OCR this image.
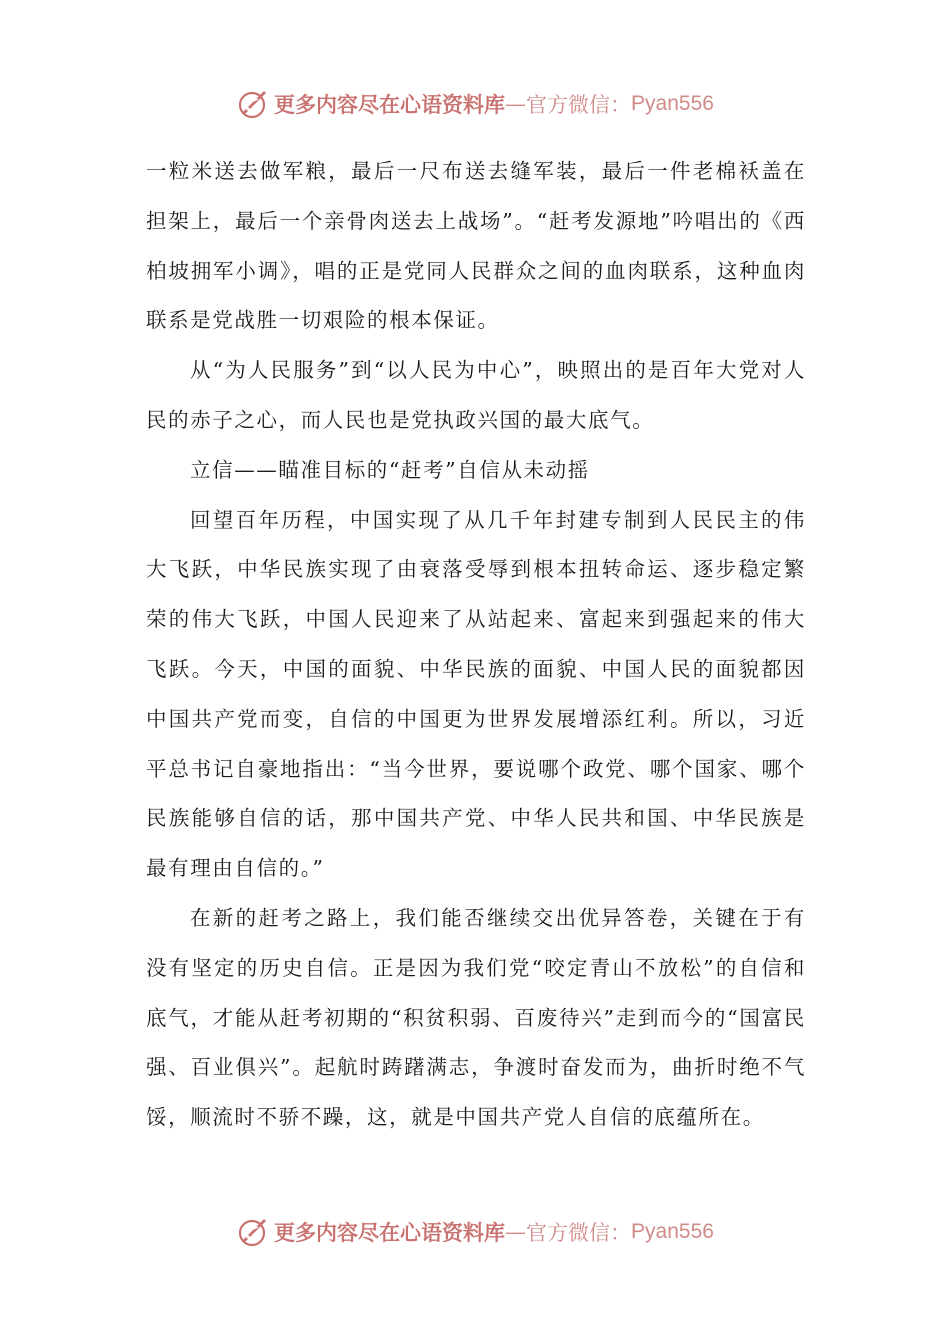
更多内容尽在心语资料库 — 官方微信： Pyan556

一粒米送去做军粮，最后一尺布送去缝军装，最后一件老棉袄盖在担架上，最后一个亲骨肉送去上战场”。“赶考发源地”吟唱出的《西柏坡拥军小调》，唱的正是党同人民群众之间的血肉联系，这种血肉联系是党战胜一切艰险的根本保证。

从“为人民服务”到“以人民为中心”，映照出的是百年大党对人民的赤子之心，而人民也是党执政兴国的最大底气。

立信——瞄准目标的“赶考”自信从未动摇

回望百年历程，中国实现了从几千年封建专制到人民民主的伟大飞跃，中华民族实现了由衰落受辱到根本扭转命运、逐步稳定繁荣的伟大飞跃，中国人民迎来了从站起来、富起来到强起来的伟大飞跃。今天，中国的面貌、中华民族的面貌、中国人民的面貌都因中国共产党而变，自信的中国更为世界发展增添红利。所以，习近平总书记自豪地指出：“当今世界，要说哪个政党、哪个国家、哪个民族能够自信的话，那中国共产党、中华人民共和国、中华民族是最有理由自信的。”

在新的赶考之路上，我们能否继续交出优异答卷，关键在于有没有坚定的历史自信。正是因为我们党“咬定青山不放松”的自信和底气，才能从赶考初期的“积贫积弱、百废待兴”走到而今的“国富民强、百业俱兴”。起航时踌躇满志，争渡时奋发而为，曲折时绝不气馁，顺流时不骄不躁，这，就是中国共产党人自信的底蕴所在。

更多内容尽在心语资料库 — 官方微信： Pyan556
